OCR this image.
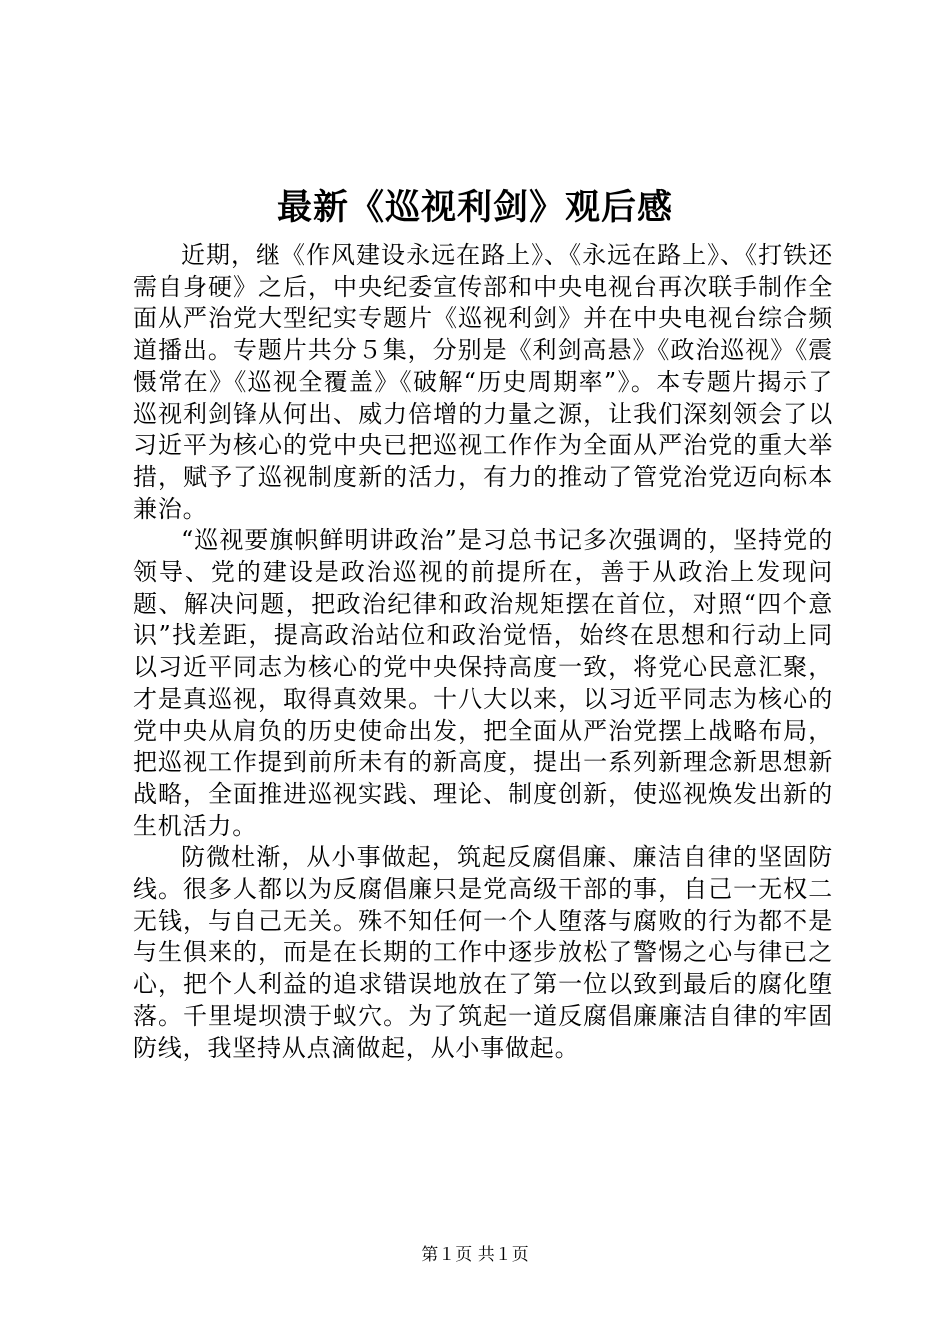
最新《巡视利剑》观后感

近期，继《作风建设永远在路上》、《永远在路上》、《打铁还需自身硬》之后，中央纪委宣传部和中央电视台再次联手制作全面从严治党大型纪实专题片《巡视利剑》并在中央电视台综合频道播出。专题片共分５集，分别是《利剑高悬》《政治巡视》《震慑常在》《巡视全覆盖》《破解“历史周期率”》。本专题片揭示了巡视利剑锋从何出、威力倍增的力量之源，让我们深刻领会了以习近平为核心的党中央已把巡视工作作为全面从严治党的重大举措，赋予了巡视制度新的活力，有力的推动了管党治党迈向标本兼治。

“巡视要旗帜鲜明讲政治”是习总书记多次强调的，坚持党的领导、党的建设是政治巡视的前提所在，善于从政治上发现问题、解决问题，把政治纪律和政治规矩摆在首位，对照“四个意识”找差距，提高政治站位和政治觉悟，始终在思想和行动上同以习近平同志为核心的党中央保持高度一致，将党心民意汇聚，才是真巡视，取得真效果。十八大以来，以习近平同志为核心的党中央从肩负的历史使命出发，把全面从严治党摆上战略布局，把巡视工作提到前所未有的新高度，提出一系列新理念新思想新战略，全面推进巡视实践、理论、制度创新，使巡视焕发出新的生机活力。

防微杜渐，从小事做起，筑起反腐倡廉、廉洁自律的坚固防线。很多人都以为反腐倡廉只是党高级干部的事，自己一无权二无钱，与自己无关。殊不知任何一个人堕落与腐败的行为都不是与生俱来的，而是在长期的工作中逐步放松了警惕之心与律已之心，把个人利益的追求错误地放在了第一位以致到最后的腐化堕落。千里堤坝溃于蚁穴。为了筑起一道反腐倡廉廉洁自律的牢固防线，我坚持从点滴做起，从小事做起。

第１页 共１页
